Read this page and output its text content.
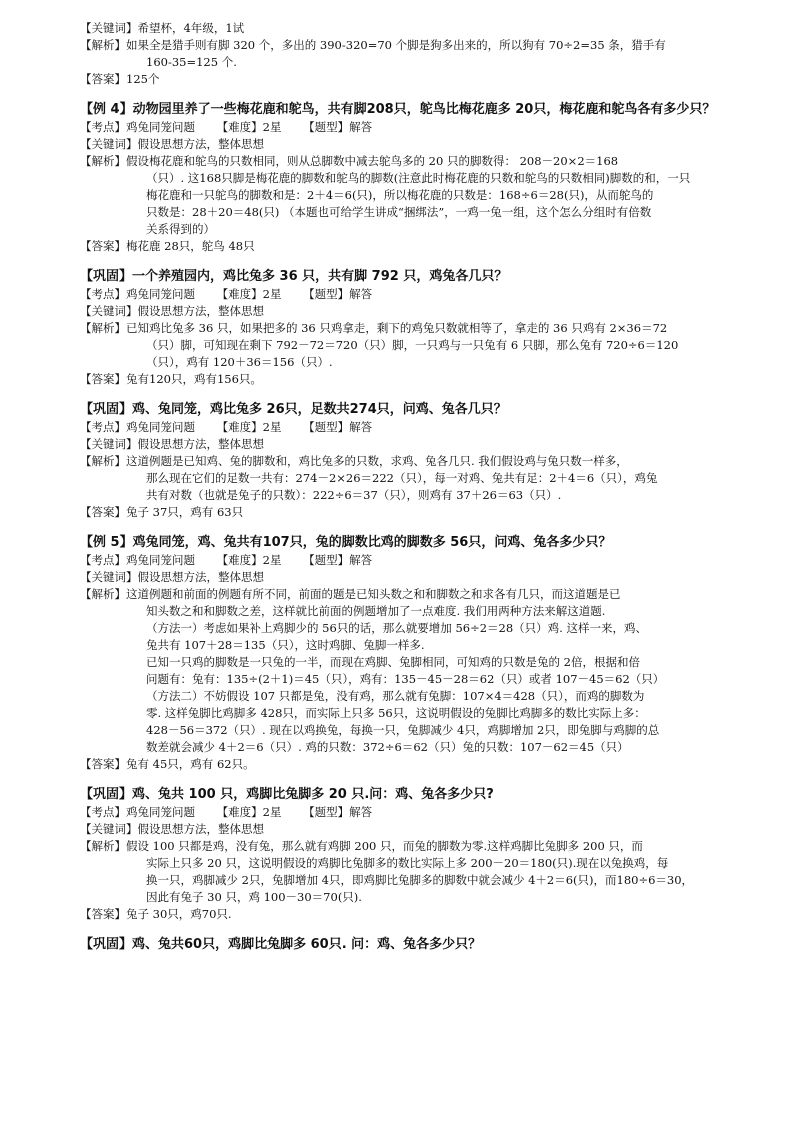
【关键词】希望杯，4年级，1试
【解析】如果全是猎手则有脚 320 个，多出的 390-320=70 个脚是狗多出来的，所以狗有 70÷2=35 条，猎手有
160-35=125 个.
【答案】125个
【例 4】动物园里养了一些梅花鹿和鸵鸟，共有脚208只，鸵鸟比梅花鹿多 20只，梅花鹿和鸵鸟各有多少只？
【考点】鸡兔同笼问题 【难度】2星 【题型】解答
【关键词】假设思想方法，整体思想
【解析】假设梅花鹿和鸵鸟的只数相同，则从总脚数中减去鸵鸟多的 20 只的脚数得： 208－20×2＝168
（只）. 这168只脚是梅花鹿的脚数和鸵鸟的脚数(注意此时梅花鹿的只数和鸵鸟的只数相同)脚数的和，一只
梅花鹿和一只鸵鸟的脚数和是：2＋4＝6(只)，所以梅花鹿的只数是：168÷6＝28(只)，从而鸵鸟的
只数是：28＋20＝48(只) （本题也可给学生讲成“捆绑法”，一鸡一兔一组，这个怎么分组时有倍数
关系得到的）
【答案】梅花鹿 28只，鸵鸟 48只
【巩固】一个养殖园内，鸡比兔多 36 只，共有脚 792 只，鸡兔各几只？
【考点】鸡兔同笼问题 【难度】2星 【题型】解答
【关键词】假设思想方法，整体思想
【解析】已知鸡比兔多 36 只，如果把多的 36 只鸡拿走，剩下的鸡兔只数就相等了，拿走的 36 只鸡有 2×36＝72
（只）脚，可知现在剩下 792－72＝720（只）脚，一只鸡与一只兔有 6 只脚，那么兔有 720÷6＝120
（只），鸡有 120＋36＝156（只）.
【答案】兔有120只，鸡有156只。
【巩固】鸡、兔同笼，鸡比兔多 26只，足数共274只，问鸡、兔各几只？
【考点】鸡兔同笼问题 【难度】2星 【题型】解答
【关键词】假设思想方法，整体思想
【解析】这道例题是已知鸡、兔的脚数和，鸡比兔多的只数，求鸡、兔各几只. 我们假设鸡与兔只数一样多，
那么现在它们的足数一共有：274－2×26＝222（只），每一对鸡、兔共有足：2＋4＝6（只），鸡兔
共有对数（也就是兔子的只数）：222÷6＝37（只），则鸡有 37＋26＝63（只）.
【答案】兔子 37只，鸡有 63只
【例 5】鸡兔同笼，鸡、兔共有107只，兔的脚数比鸡的脚数多 56只，问鸡、兔各多少只？
【考点】鸡兔同笼问题 【难度】2星 【题型】解答
【关键词】假设思想方法，整体思想
【解析】这道例题和前面的例题有所不同，前面的题是已知头数之和和脚数之和求各有几只，而这道题是已
知头数之和和脚数之差，这样就比前面的例题增加了一点难度. 我们用两种方法来解这道题.
（方法一）考虑如果补上鸡脚少的 56只的话，那么就要增加 56÷2＝28（只）鸡. 这样一来，鸡、
兔共有 107＋28＝135（只），这时鸡脚、兔脚一样多.
已知一只鸡的脚数是一只兔的一半，而现在鸡脚、兔脚相同，可知鸡的只数是兔的 2倍，根据和倍
问题有：兔有：135÷(2＋1)＝45（只），鸡有：135－45－28＝62（只）或者 107－45＝62（只）
（方法二）不妨假设 107 只都是兔，没有鸡，那么就有兔脚：107×4＝428（只），而鸡的脚数为
零. 这样兔脚比鸡脚多 428只，而实际上只多 56只，这说明假设的兔脚比鸡脚多的数比实际上多：
428－56＝372（只）. 现在以鸡换兔，每换一只，兔脚减少 4只，鸡脚增加 2只，即兔脚与鸡脚的总
数差就会减少 4＋2＝6（只）. 鸡的只数：372÷6＝62（只）兔的只数：107－62＝45（只）
【答案】兔有 45只，鸡有 62只。
【巩固】鸡、兔共 100 只，鸡脚比兔脚多 20 只.问：鸡、兔各多少只?
【考点】鸡兔同笼问题 【难度】2星 【题型】解答
【关键词】假设思想方法，整体思想
【解析】假设 100 只都是鸡，没有兔，那么就有鸡脚 200 只，而兔的脚数为零.这样鸡脚比兔脚多 200 只，而
实际上只多 20 只，这说明假设的鸡脚比兔脚多的数比实际上多 200－20＝180(只).现在以兔换鸡，每
换一只，鸡脚减少 2只，兔脚增加 4只，即鸡脚比兔脚多的脚数中就会减少 4＋2＝6(只)，而180÷6＝30，
因此有兔子 30 只，鸡 100－30＝70(只).
【答案】兔子 30只，鸡70只.
【巩固】鸡、兔共60只，鸡脚比兔脚多 60只. 问：鸡、兔各多少只？
